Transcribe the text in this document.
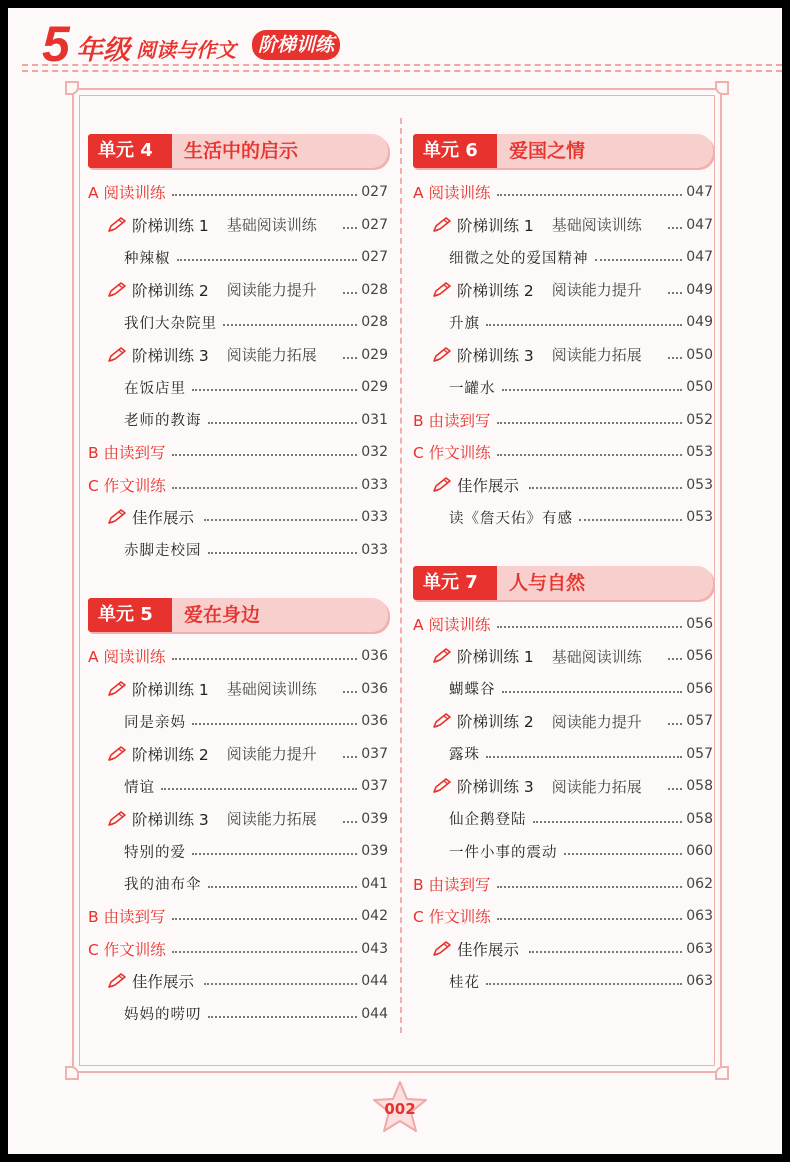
5 年级 阅读与作文	阶梯训练
单元 4	生活中的启示
A 阅读训练	027
阶梯训练 1 基础阅读训练	027
种辣椒	027
阶梯训练 2 阅读能力提升	028
我们大杂院里	028
阶梯训练 3 阅读能力拓展	029
在饭店里	029
老师的教诲	031
B 由读到写	032
C 作文训练	033
佳作展示	033
赤脚走校园	033
单元 5	爱在身边
A 阅读训练	036
阶梯训练 1 基础阅读训练	036
同是亲妈	036
阶梯训练 2 阅读能力提升	037
情谊	037
阶梯训练 3 阅读能力拓展	039
特别的爱	039
我的油布伞	041
B 由读到写	042
C 作文训练	043
佳作展示	044
妈妈的唠叨	044
单元 6	爱国之情
A 阅读训练	047
阶梯训练 1 基础阅读训练	047
细微之处的爱国精神	047
阶梯训练 2 阅读能力提升	049
升旗	049
阶梯训练 3 阅读能力拓展	050
一罐水	050
B 由读到写	052
C 作文训练	053
佳作展示	053
读《詹天佑》有感	053
单元 7	人与自然
A 阅读训练	056
阶梯训练 1 基础阅读训练	056
蝴蝶谷	056
阶梯训练 2 阅读能力提升	057
露珠	057
阶梯训练 3 阅读能力拓展	058
仙企鹅登陆	058
一件小事的震动	060
B 由读到写	062
C 作文训练	063
佳作展示	063
桂花	063
002
